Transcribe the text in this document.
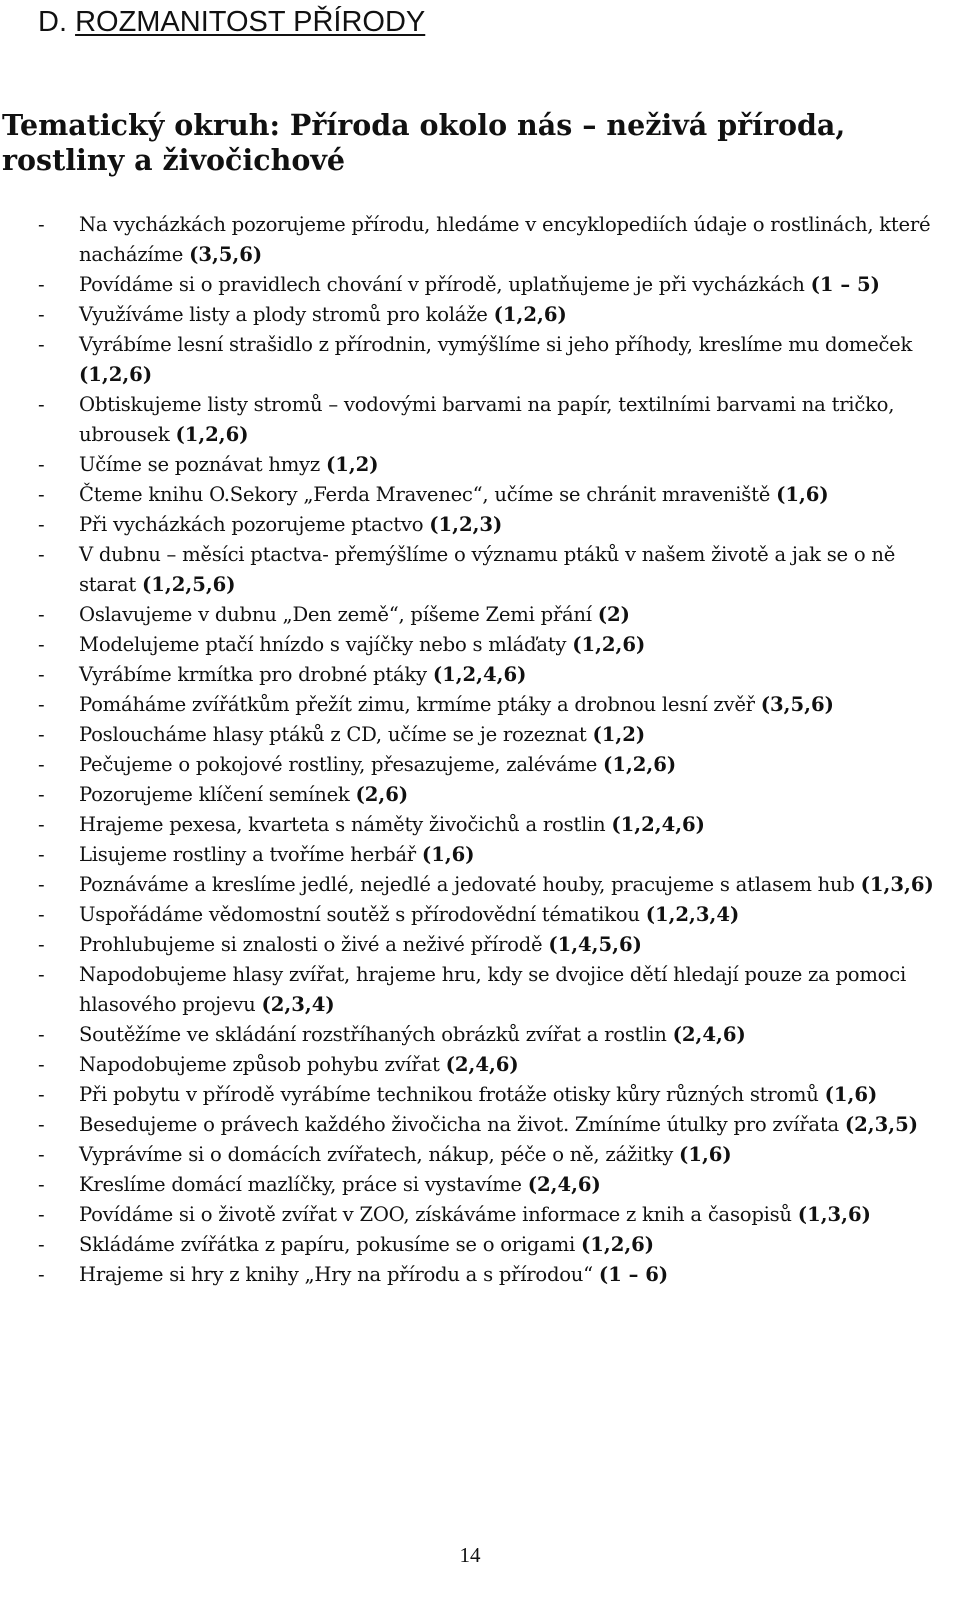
D. ROZMANITOST PŘÍRODY
Tematický okruh: Příroda okolo nás – neživá příroda, rostliny a živočichové
- Na vycházkách pozorujeme přírodu, hledáme v encyklopediích údaje o rostlinách, které nacházíme (3,5,6)
- Povídáme si o pravidlech chování v přírodě, uplatňujeme je při vycházkách (1 – 5)
- Využíváme listy a plody stromů pro koláže (1,2,6)
- Vyrábíme lesní strašidlo z přírodnin, vymýšlíme si jeho příhody, kreslíme mu domeček (1,2,6)
- Obtiskujeme listy stromů – vodovými barvami na papír, textilními barvami na tričko, ubrousek (1,2,6)
- Učíme se poznávat hmyz (1,2)
- Čteme knihu O.Sekory „Ferda Mravenec“, učíme se chránit mraveniště (1,6)
- Při vycházkách pozorujeme ptactvo (1,2,3)
- V dubnu – měsíci ptactva- přemýšlíme o významu ptáků v našem životě a jak se o ně starat (1,2,5,6)
- Oslavujeme v dubnu „Den země“, píšeme Zemi přání (2)
- Modelujeme ptačí hnízdo s vajíčky nebo s mláďaty (1,2,6)
- Vyrábíme krmítka pro drobné ptáky (1,2,4,6)
- Pomáháme zvířátkům přežít zimu, krmíme ptáky a drobnou lesní zvěř (3,5,6)
- Posloucháme hlasy ptáků z CD, učíme se je rozeznat (1,2)
- Pečujeme o pokojové rostliny, přesazujeme, zaléváme (1,2,6)
- Pozorujeme klíčení semínek (2,6)
- Hrajeme pexesa, kvarteta s náměty živočichů a rostlin (1,2,4,6)
- Lisujeme rostliny a tvoříme herbář (1,6)
- Poznáváme a kreslíme jedlé, nejedlé a jedovaté houby, pracujeme s atlasem hub (1,3,6)
- Uspořádáme vědomostní soutěž s přírodovědní tématikou (1,2,3,4)
- Prohlubujeme si znalosti o živé a neživé přírodě (1,4,5,6)
- Napodobujeme hlasy zvířat, hrajeme hru, kdy se dvojice dětí hledají pouze za pomoci hlasového projevu (2,3,4)
- Soutěžíme ve skládání rozstříhaných obrázků zvířat a rostlin (2,4,6)
- Napodobujeme způsob pohybu zvířat (2,4,6)
- Při pobytu v přírodě vyrábíme technikou frotáže otisky kůry různých stromů (1,6)
- Besedujeme o právech každého živočicha na život. Zmíníme útulky pro zvířata (2,3,5)
- Vyprávíme si o domácích zvířatech, nákup, péče o ně, zážitky (1,6)
- Kreslíme domácí mazlíčky, práce si vystavíme (2,4,6)
- Povídáme si o životě zvířat v ZOO, získáváme informace z knih a časopisů (1,3,6)
- Skládáme zvířátka z papíru, pokusíme se o origami (1,2,6)
- Hrajeme si hry z knihy „Hry na přírodu a s přírodou“ (1 – 6)
14
